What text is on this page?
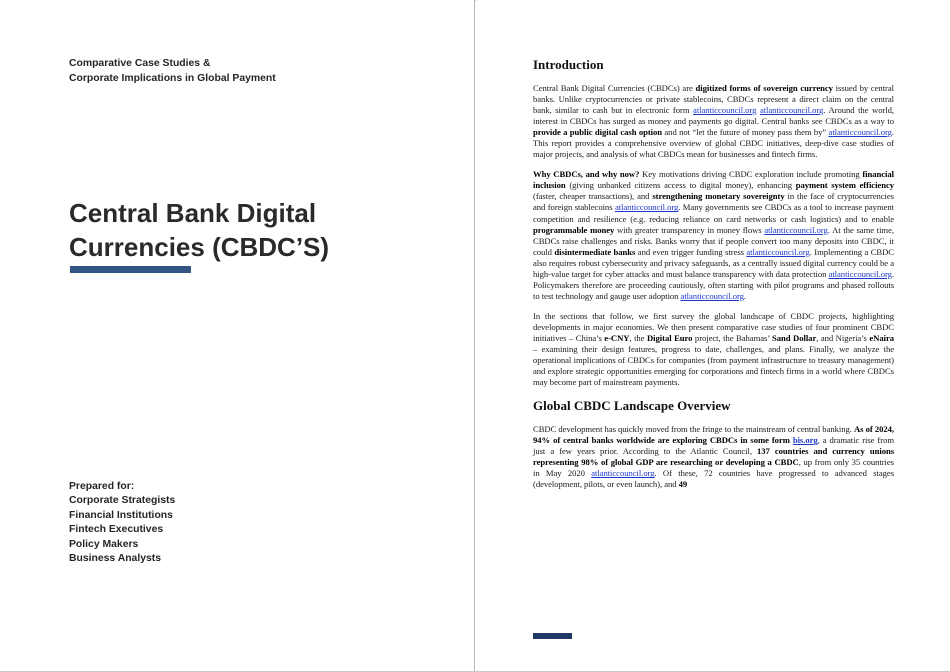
Comparative Case Studies &
Corporate Implications in Global Payment
Central Bank Digital
Currencies (CBDC’S)
Prepared for:
Corporate Strategists
Financial Institutions
Fintech Executives
Policy Makers
Business Analysts
Introduction

Central Bank Digital Currencies (CBDCs) are digitized forms of sovereign currency issued by central banks. Unlike cryptocurrencies or private stablecoins, CBDCs represent a direct claim on the central bank, similar to cash but in electronic form atlanticcouncil.org atlanticcouncil.org. Around the world, interest in CBDCs has surged as money and payments go digital. Central banks see CBDCs as a way to provide a public digital cash option and not “let the future of money pass them by” atlanticcouncil.org. This report provides a comprehensive overview of global CBDC initiatives, deep-dive case studies of major projects, and analysis of what CBDCs mean for businesses and fintech firms.

Why CBDCs, and why now? Key motivations driving CBDC exploration include promoting financial inclusion (giving unbanked citizens access to digital money), enhancing payment system efficiency (faster, cheaper transactions), and strengthening monetary sovereignty in the face of cryptocurrencies and foreign stablecoins atlanticcouncil.org. Many governments see CBDCs as a tool to increase payment competition and resilience (e.g. reducing reliance on card networks or cash logistics) and to enable programmable money with greater transparency in money flows atlanticcouncil.org. At the same time, CBDCs raise challenges and risks. Banks worry that if people convert too many deposits into CBDC, it could disintermediate banks and even trigger funding stress atlanticcouncil.org. Implementing a CBDC also requires robust cybersecurity and privacy safeguards, as a centrally issued digital currency could be a high-value target for cyber attacks and must balance transparency with data protection atlanticcouncil.org. Policymakers therefore are proceeding cautiously, often starting with pilot programs and phased rollouts to test technology and gauge user adoption atlanticcouncil.org.

In the sections that follow, we first survey the global landscape of CBDC projects, highlighting developments in major economies. We then present comparative case studies of four prominent CBDC initiatives – China’s e-CNY, the Digital Euro project, the Bahamas’ Sand Dollar, and Nigeria’s eNaira – examining their design features, progress to date, challenges, and plans. Finally, we analyze the operational implications of CBDCs for companies (from payment infrastructure to treasury management) and explore strategic opportunities emerging for corporations and fintech firms in a world where CBDCs may become part of mainstream payments.

Global CBDC Landscape Overview

CBDC development has quickly moved from the fringe to the mainstream of central banking. As of 2024, 94% of central banks worldwide are exploring CBDCs in some form bis.org, a dramatic rise from just a few years prior. According to the Atlantic Council, 137 countries and currency unions representing 98% of global GDP are researching or developing a CBDC, up from only 35 countries in May 2020 atlanticcouncil.org. Of these, 72 countries have progressed to advanced stages (development, pilots, or even launch), and 49
